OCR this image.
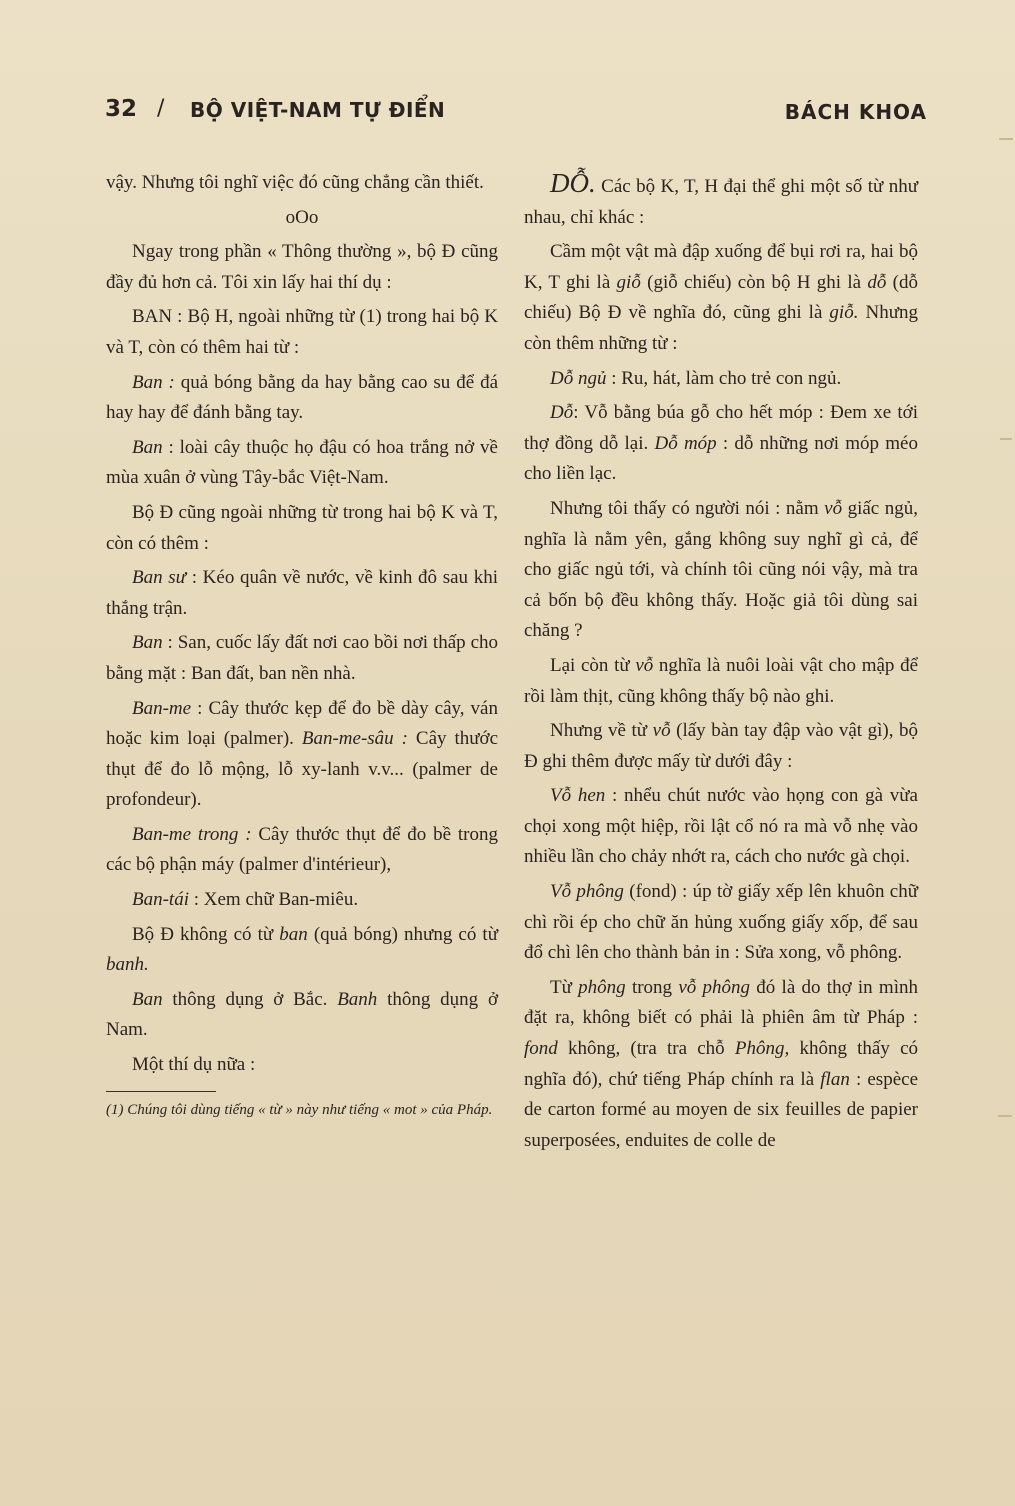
32 / BỘ VIỆT-NAM TỰ ĐIỂN	BÁCH KHOA

vậy. Nhưng tôi nghĩ việc đó cũng chẳng cần thiết.

oOo

Ngay trong phần « Thông thường », bộ Đ cũng đầy đủ hơn cả. Tôi xin lấy hai thí dụ :

BAN : Bộ H, ngoài những từ (1) trong hai bộ K và T, còn có thêm hai từ :

Ban : quả bóng bằng da hay bằng cao su để đá hay hay để đánh bằng tay.

Ban : loài cây thuộc họ đậu có hoa trắng nở về mùa xuân ở vùng Tây-bắc Việt-Nam.

Bộ Đ cũng ngoài những từ trong hai bộ K và T, còn có thêm :

Ban sư : Kéo quân về nước, về kinh đô sau khi thắng trận.

Ban : San, cuốc lấy đất nơi cao bồi nơi thấp cho bằng mặt : Ban đất, ban nền nhà.

Ban-me : Cây thước kẹp để đo bề dày cây, ván hoặc kim loại (palmer). Ban-me-sâu : Cây thước thụt để đo lỗ mộng, lỗ xy-lanh v.v... (palmer de profondeur).

Ban-me trong : Cây thước thụt để đo bề trong các bộ phận máy (palmer d'intérieur),

Ban-tái : Xem chữ Ban-miêu.

Bộ Đ không có từ ban (quả bóng) nhưng có từ banh.

Ban thông dụng ở Bắc. Banh thông dụng ở Nam.

Một thí dụ nữa :

(1) Chúng tôi dùng tiếng « từ » này như tiếng « mot » của Pháp.

DỖ. Các bộ K, T, H đại thể ghi một số từ như nhau, chỉ khác :

Cầm một vật mà đập xuống để bụi rơi ra, hai bộ K, T ghi là giỗ (giỗ chiếu) còn bộ H ghi là dỗ (dỗ chiếu) Bộ Đ về nghĩa đó, cũng ghi là giỗ. Nhưng còn thêm những từ :

Dỗ ngủ : Ru, hát, làm cho trẻ con ngủ.

Dỗ: Vỗ bằng búa gỗ cho hết móp : Đem xe tới thợ đồng dỗ lại. Dỗ móp : dỗ những nơi móp méo cho liền lạc.

Nhưng tôi thấy có người nói : nằm vỗ giấc ngủ, nghĩa là nằm yên, gắng không suy nghĩ gì cả, để cho giấc ngủ tới, và chính tôi cũng nói vậy, mà tra cả bốn bộ đều không thấy. Hoặc giả tôi dùng sai chăng ?

Lại còn từ vỗ nghĩa là nuôi loài vật cho mập để rồi làm thịt, cũng không thấy bộ nào ghi.

Nhưng về từ vỗ (lấy bàn tay đập vào vật gì), bộ Đ ghi thêm được mấy từ dưới đây :

Vỗ hen : nhểu chút nước vào họng con gà vừa chọi xong một hiệp, rồi lật cổ nó ra mà vỗ nhẹ vào nhiều lần cho chảy nhớt ra, cách cho nước gà chọi.

Vỗ phông (fond) : úp tờ giấy xếp lên khuôn chữ chì rồi ép cho chữ ăn hủng xuống giấy xốp, để sau đổ chì lên cho thành bản in : Sửa xong, vỗ phông.

Từ phông trong vỗ phông đó là do thợ in mình đặt ra, không biết có phải là phiên âm từ Pháp : fond không, (tra tra chỗ Phông, không thấy có nghĩa đó), chứ tiếng Pháp chính ra là flan : espèce de carton formé au moyen de six feuilles de papier superposées, enduites de colle de
